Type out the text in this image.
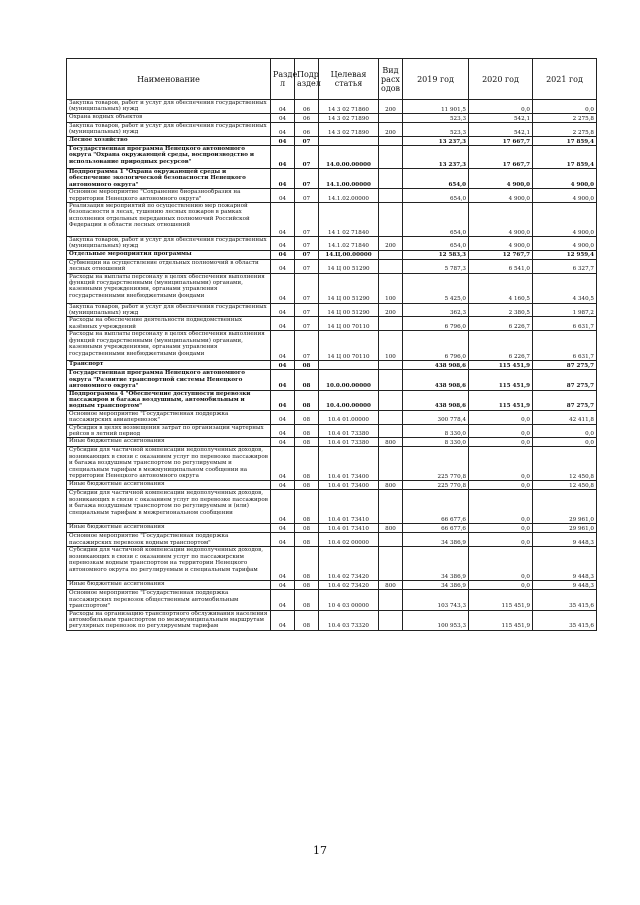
Наименование	Разде л	Подр аздел	Целевая статья	Вид расх одов	2019 год	2020 год	2021 год
Закупка товаров, работ и услуг для обеспечения государственных (муниципальных) нужд	04	06	14 3 02 71860	200	11 901,5	0,0	0,0
Охрана водных объектов	04	06	14 3 02 71890		523,3	542,1	2 275,8
Закупка товаров, работ и услуг для обеспечения государственных (муниципальных) нужд	04	06	14 3 02 71890	200	523,3	542,1	2 275,8
Лесное хозяйство	04	07			13 237,3	17 667,7	17 859,4
Государственная программа Ненецкого автономного округа "Охрана окружающей среды, воспроизводство и использование природных ресурсов"	04	07	14.0.00.00000		13 237,3	17 667,7	17 859,4
Подпрограмма 1 "Охрана окружающей среды и обеспечение экологической безопасности Ненецкого автономного округа"	04	07	14.1.00.00000		654,0	4 900,0	4 900,0
Основное мероприятие "Сохранение биоразнообразия на территории Ненецкого автономного округа"	04	07	14.1.02.00000		654,0	4 900,0	4 900,0
Реализация мероприятий по осуществлению мер пожарной безопасности в лесах, тушению лесных пожаров в рамках исполнения отдельных переданных полномочий Российской Федерации в области лесных отношений	04	07	14 1 02 71840		654,0	4 900,0	4 900,0
Закупка товаров, работ и услуг для обеспечения государственных (муниципальных) нужд	04	07	14.1.02 71840	200	654,0	4 900,0	4 900,0
Отдельные мероприятия программы	04	07	14.Ц.00.00000		12 583,3	12 767,7	12 959,4
Субвенции на осуществление отдельных полномочий в области лесных отношений	04	07	14 Ц 00 51290		5 787,3	6 541,0	6 327,7
Расходы на выплаты персоналу в целях обеспечения выполнения функций государственными (муниципальными) органами, казенными учреждениями, органами управления государственными внебюджетными фондами	04	07	14 Ц 00 51290	100	5 425,0	4 160,5	4 340,5
Закупка товаров, работ и услуг для обеспечения государственных (муниципальных) нужд	04	07	14 Ц 00 51290	200	362,3	2 380,5	1 987,2
Расходы на обеспечение деятельности подведомственных казённых учреждений	04	07	14 Ц 00 70110		6 796,0	6 226,7	6 631,7
Расходы на выплаты персоналу в целях обеспечения выполнения функций государственными (муниципальными) органами, казенными учреждениями, органами управления государственными внебюджетными фондами	04	07	14 Ц 00 70110	100	6 796,0	6 226,7	6 631,7
Транспорт	04	08			438 908,6	115 451,9	87 275,7
Государственная программа Ненецкого автономного округа "Развитие транспортной системы Ненецкого автономного округа"	04	08	10.0.00.00000		438 908,6	115 451,9	87 275,7
Подпрограмма 4 "Обеспечение доступности перевозки пассажиров и багажа воздушным, автомобильным и водным транспортом"	04	08	10.4.00.00000		438 908,6	115 451,9	87 275,7
Основное мероприятие "Государственная поддержка пассажирских авиаперевозок"	04	08	10.4 01.00000		300 778,4	0,0	42 411,8
Субсидия в целях возмещения затрат по организации чартерных рейсов в летний период	04	08	10.4 01 73380		8 330,0	0,0	0,0
Иные бюджетные ассигнования	04	08	10.4 01 73380	800	8 330,0	0,0	0,0
Субсидии для частичной компенсации недополученных доходов, возникающих в связи с оказанием услуг по перевозке пассажиров и багажа воздушным транспортом по регулируемым и специальным тарифам в межмуниципальном сообщении на территории Ненецкого автономного округа	04	08	10.4 01 73400		225 770,8	0,0	12 450,8
Иные бюджетные ассигнования	04	08	10.4 01 73400	800	225 770,8	0,0	12 450,8
Субсидии для частичной компенсации недополученных доходов, возникающих в связи с оказанием услуг по перевозке пассажиров и багажа воздушным транспортом по регулируемым и (или) специальным тарифам в межрегиональном сообщении	04	08	10.4 01 73410		66 677,6	0,0	29 961,0
Иные бюджетные ассигнования	04	08	10.4 01 73410	800	66 677,6	0,0	29 961,0
Основное мероприятие "Государственная поддержка пассажирских перевозок водным транспортом"	04	08	10.4 02 00000		34 386,9	0,0	9 448,3
Субсидии для частичной компенсации недополученных доходов, возникающих в связи с оказанием услуг по пассажирским перевозкам водным транспортом на территории Ненецкого автономного округа по регулируемым и специальным тарифам	04	08	10.4 02 73420		34 386,9	0,0	9 448,3
Иные бюджетные ассигнования	04	08	10.4 02 73420	800	34 386,9	0,0	9 448,3
Основное мероприятие "Государственная поддержка пассажирских перевозок общественным автомобильным транспортом"	04	08	10 4 03 00000		103 743,3	115 451,9	35 415,6
Расходы на организацию транспортного обслуживания населения автомобильным транспортом по межмуниципальным маршрутам регулярных перевозок по регулируемым тарифам	04	08	10.4 03 73320		100 953,3	115 451,9	35 415,6
17
